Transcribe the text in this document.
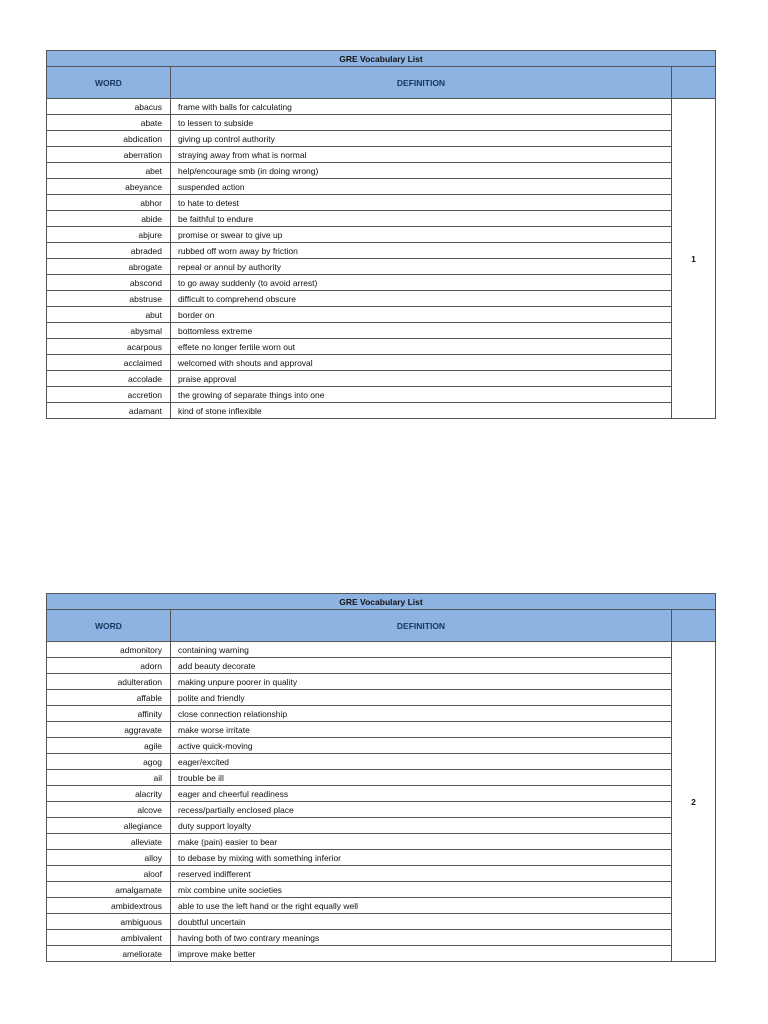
GRE Vocabulary List		
WORD	DEFINITION	
abacus	frame with balls for calculating	1
abate	to lessen to subside	
abdication	giving up control authority	
aberration	straying away from what is normal	
abet	help/encourage smb (in doing wrong)	
abeyance	suspended action	
abhor	to hate to detest	
abide	be faithful to endure	
abjure	promise or swear to give up	
abraded	rubbed off worn away by friction	
abrogate	repeal or annul by authority	
abscond	to go away suddenly (to avoid arrest)	
abstruse	difficult to comprehend obscure	
abut	border on	
abysmal	bottomless extreme	
acarpous	effete no longer fertile worn out	
acclaimed	welcomed with shouts and approval	
accolade	praise approval	
accretion	the growing of separate things into one	
adamant	kind of stone inflexible	
GRE Vocabulary List		
WORD	DEFINITION	
admonitory	containing warning	2
adorn	add beauty decorate	
adulteration	making unpure poorer in quality	
affable	polite and friendly	
affinity	close connection relationship	
aggravate	make worse irritate	
agile	active quick-moving	
agog	eager/excited	
ail	trouble be ill	
alacrity	eager and cheerful readiness	
alcove	recess/partially enclosed place	
allegiance	duty support loyalty	
alleviate	make (pain) easier to bear	
alloy	to debase by mixing with something inferior	
aloof	reserved indifferent	
amalgamate	mix combine unite societies	
ambidextrous	able to use the left hand or the right equally well	
ambiguous	doubtful uncertain	
ambivalent	having both of two contrary meanings	
ameliorate	improve make better	
